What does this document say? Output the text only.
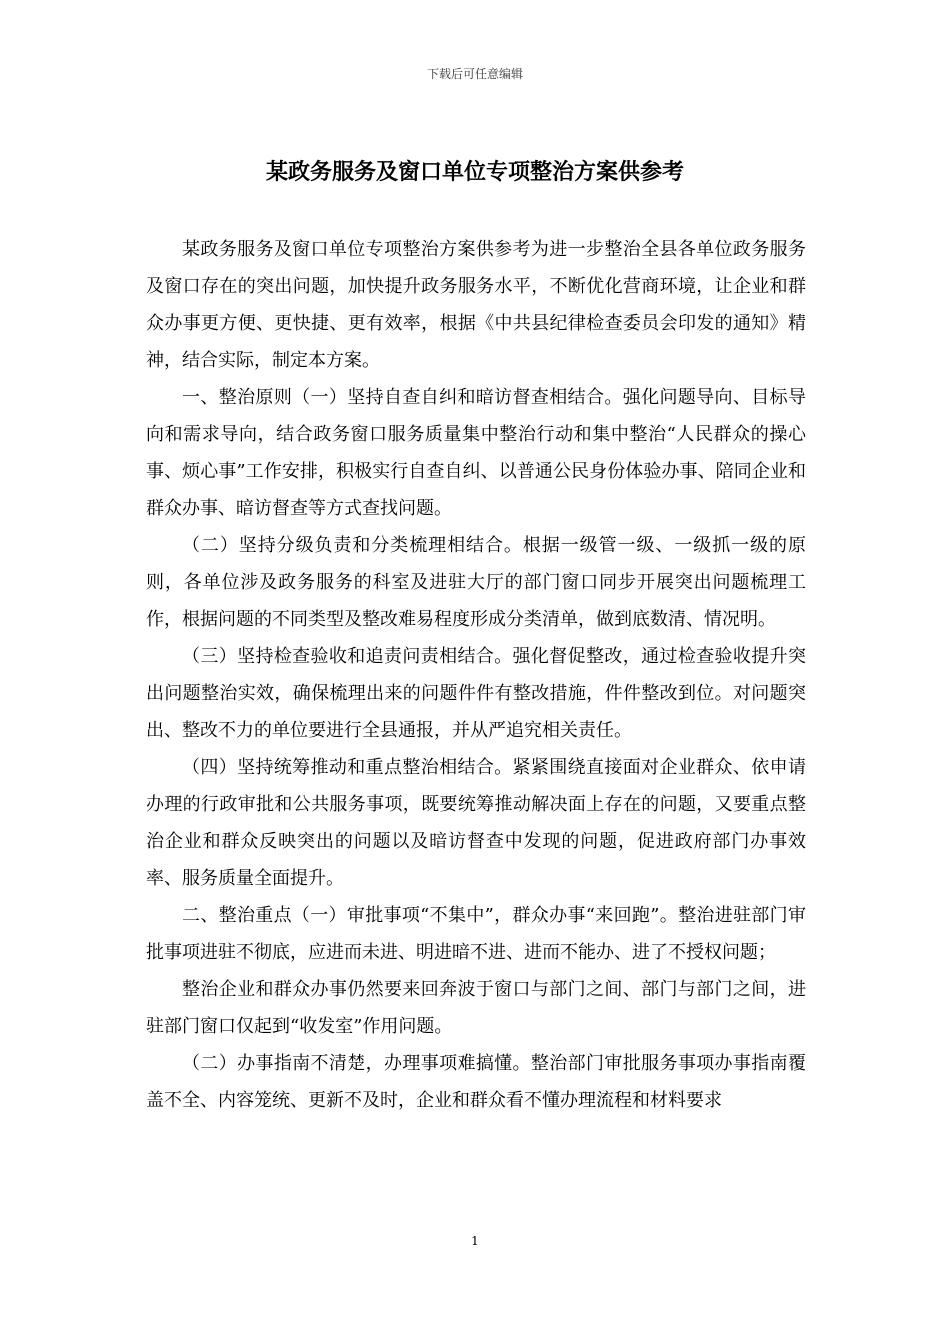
下载后可任意编辑
某政务服务及窗口单位专项整治方案供参考

某政务服务及窗口单位专项整治方案供参考为进一步整治全县各单位政务服务及窗口存在的突出问题，加快提升政务服务水平，不断优化营商环境，让企业和群众办事更方便、更快捷、更有效率，根据《中共县纪律检查委员会印发的通知》精神，结合实际，制定本方案。

一、整治原则（一）坚持自查自纠和暗访督查相结合。强化问题导向、目标导向和需求导向，结合政务窗口服务质量集中整治行动和集中整治“人民群众的操心事、烦心事”工作安排，积极实行自查自纠、以普通公民身份体验办事、陪同企业和群众办事、暗访督查等方式查找问题。

（二）坚持分级负责和分类梳理相结合。根据一级管一级、一级抓一级的原则，各单位涉及政务服务的科室及进驻大厅的部门窗口同步开展突出问题梳理工作，根据问题的不同类型及整改难易程度形成分类清单，做到底数清、情况明。

（三）坚持检查验收和追责问责相结合。强化督促整改，通过检查验收提升突出问题整治实效，确保梳理出来的问题件件有整改措施，件件整改到位。对问题突出、整改不力的单位要进行全县通报，并从严追究相关责任。

（四）坚持统筹推动和重点整治相结合。紧紧围绕直接面对企业群众、依申请办理的行政审批和公共服务事项，既要统筹推动解决面上存在的问题，又要重点整治企业和群众反映突出的问题以及暗访督查中发现的问题，促进政府部门办事效率、服务质量全面提升。

二、整治重点（一）审批事项“不集中”，群众办事“来回跑”。整治进驻部门审批事项进驻不彻底，应进而未进、明进暗不进、进而不能办、进了不授权问题；

整治企业和群众办事仍然要来回奔波于窗口与部门之间、部门与部门之间，进驻部门窗口仅起到“收发室”作用问题。

（二）办事指南不清楚，办理事项难搞懂。整治部门审批服务事项办事指南覆盖不全、内容笼统、更新不及时，企业和群众看不懂办理流程和材料要求

1
